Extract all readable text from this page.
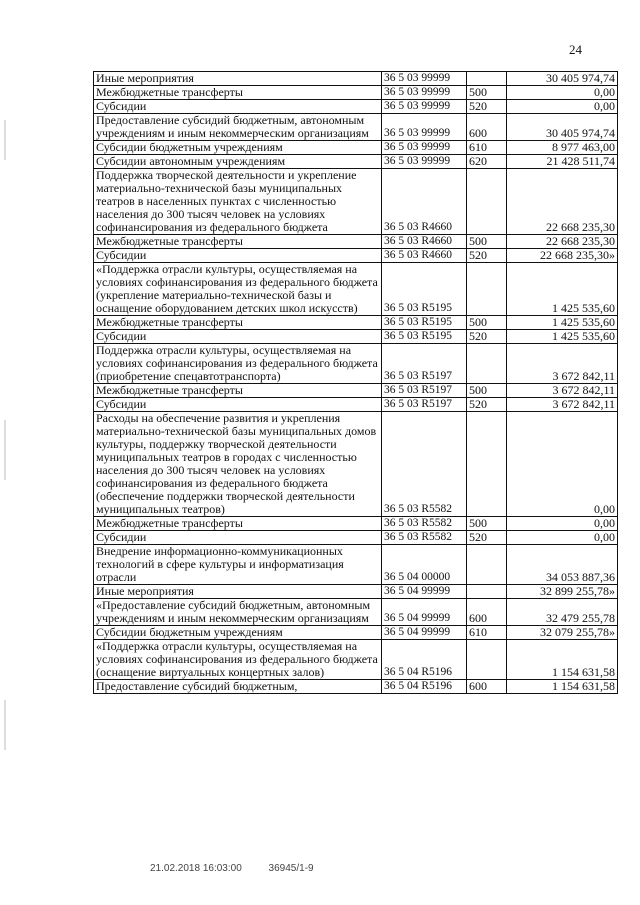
24
Иные мероприятия	36 5 03 99999		30 405 974,74
Межбюджетные трансферты	36 5 03 99999	500	0,00
Субсидии	36 5 03 99999	520	0,00
Предоставление субсидий бюджетным, автономным учреждениям и иным некоммерческим организациям	36 5 03 99999	600	30 405 974,74
Субсидии бюджетным учреждениям	36 5 03 99999	610	8 977 463,00
Субсидии автономным учреждениям	36 5 03 99999	620	21 428 511,74
Поддержка творческой деятельности и укрепление материально-технической базы муниципальных театров в населенных пунктах с численностью населения до 300 тысяч человек на условиях софинансирования из федерального бюджета	36 5 03 R4660		22 668 235,30
Межбюджетные трансферты	36 5 03 R4660	500	22 668 235,30
Субсидии	36 5 03 R4660	520	22 668 235,30»
«Поддержка отрасли культуры, осуществляемая на условиях софинансирования из федерального бюджета (укрепление материально-технической базы и оснащение оборудованием детских школ искусств)	36 5 03 R5195		1 425 535,60
Межбюджетные трансферты	36 5 03 R5195	500	1 425 535,60
Субсидии	36 5 03 R5195	520	1 425 535,60
Поддержка отрасли культуры, осуществляемая на условиях софинансирования из федерального бюджета (приобретение спецавтотранспорта)	36 5 03 R5197		3 672 842,11
Межбюджетные трансферты	36 5 03 R5197	500	3 672 842,11
Субсидии	36 5 03 R5197	520	3 672 842,11
Расходы на обеспечение развития и укрепления материально-технической базы муниципальных домов культуры, поддержку творческой деятельности муниципальных театров в городах с численностью населения до 300 тысяч человек на условиях софинансирования из федерального бюджета (обеспечение поддержки творческой деятельности муниципальных театров)	36 5 03 R5582		0,00
Межбюджетные трансферты	36 5 03 R5582	500	0,00
Субсидии	36 5 03 R5582	520	0,00
Внедрение информационно-коммуникационных технологий в сфере культуры и информатизация отрасли	36 5 04 00000		34 053 887,36
Иные мероприятия	36 5 04 99999		32 899 255,78»
«Предоставление субсидий бюджетным, автономным учреждениям и иным некоммерческим организациям	36 5 04 99999	600	32 479 255,78
Субсидии бюджетным учреждениям	36 5 04 99999	610	32 079 255,78»
«Поддержка отрасли культуры, осуществляемая на условиях софинансирования из федерального бюджета (оснащение виртуальных концертных залов)	36 5 04 R5196		1 154 631,58
Предоставление субсидий бюджетным,	36 5 04 R5196	600	1 154 631,58
21.02.2018 16:03:00	36945/1-9
